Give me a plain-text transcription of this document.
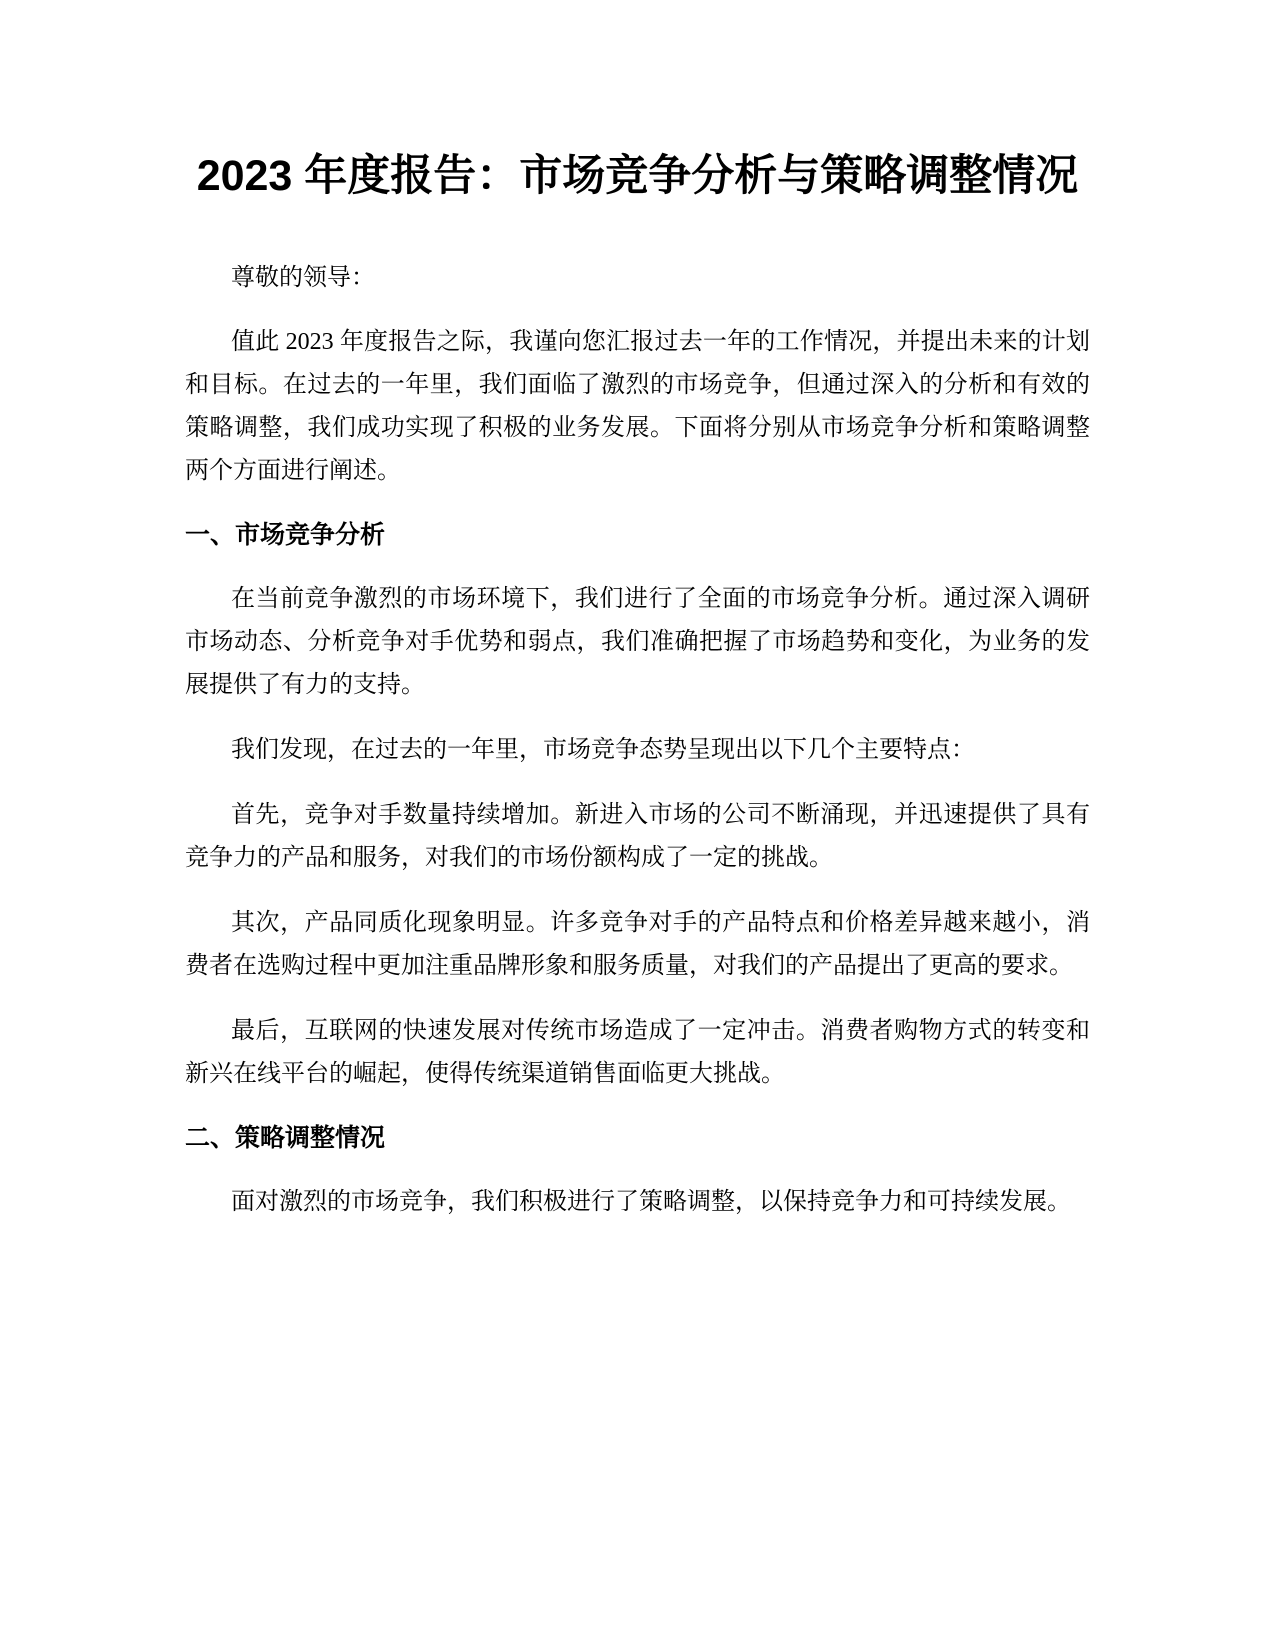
2023 年度报告：市场竞争分析与策略调整情况

尊敬的领导：

值此 2023 年度报告之际，我谨向您汇报过去一年的工作情况，并提出未来的计划和目标。在过去的一年里，我们面临了激烈的市场竞争，但通过深入的分析和有效的策略调整，我们成功实现了积极的业务发展。下面将分别从市场竞争分析和策略调整两个方面进行阐述。

一、市场竞争分析

在当前竞争激烈的市场环境下，我们进行了全面的市场竞争分析。通过深入调研市场动态、分析竞争对手优势和弱点，我们准确把握了市场趋势和变化，为业务的发展提供了有力的支持。

我们发现，在过去的一年里，市场竞争态势呈现出以下几个主要特点：

首先，竞争对手数量持续增加。新进入市场的公司不断涌现，并迅速提供了具有竞争力的产品和服务，对我们的市场份额构成了一定的挑战。

其次，产品同质化现象明显。许多竞争对手的产品特点和价格差异越来越小，消费者在选购过程中更加注重品牌形象和服务质量，对我们的产品提出了更高的要求。

最后，互联网的快速发展对传统市场造成了一定冲击。消费者购物方式的转变和新兴在线平台的崛起，使得传统渠道销售面临更大挑战。

二、策略调整情况

面对激烈的市场竞争，我们积极进行了策略调整，以保持竞争力和可持续发展。
